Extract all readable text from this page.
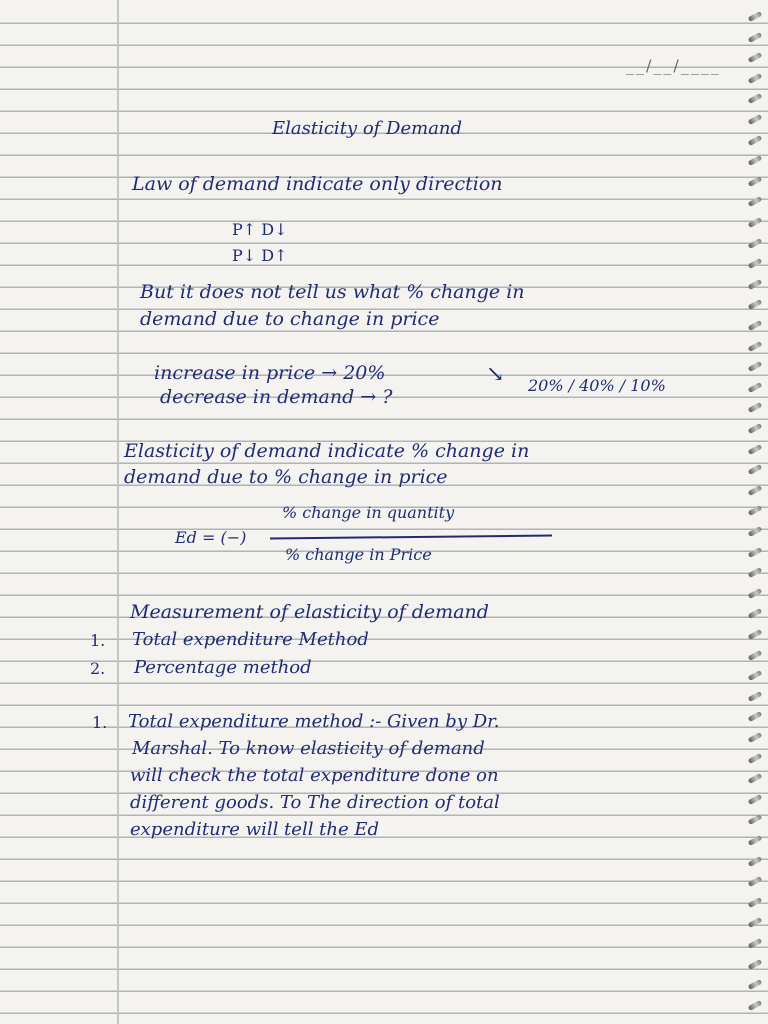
__/__/____
Elasticity of Demand
Law of demand indicate only direction
P↑ D↓
P↓ D↑
But it does not tell us what % change in
demand due to change in price
increase in price → 20%
decrease in demand → ?
↘ 20% / 40% / 10%
Elasticity of demand indicate % change in
demand due to % change in price
Ed = (−)
% change in quantity
% change in Price
Measurement of elasticity of demand
1. Total expenditure Method
2. Percentage method
1. Total expenditure method :- Given by Dr.
Marshal. To know elasticity of demand
will check the total expenditure done on
different goods. To The direction of total
expenditure will tell the Ed
